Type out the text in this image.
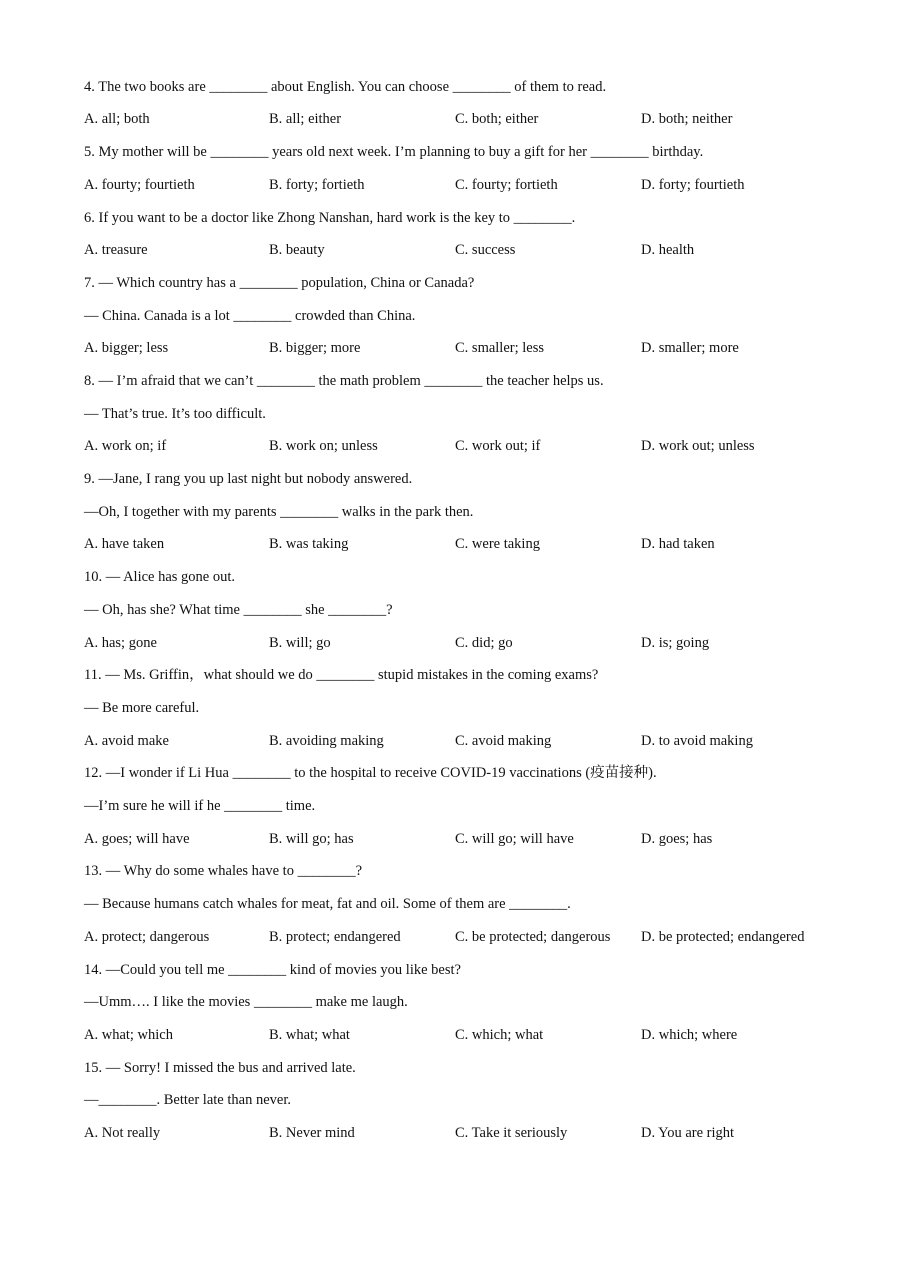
4. The two books are ________ about English. You can choose ________ of them to read.
A. all; both	B. all; either	C. both; either	D. both; neither
5. My mother will be ________ years old next week. I’m planning to buy a gift for her ________ birthday.
A. fourty; fourtieth	B. forty; fortieth	C. fourty; fortieth	D. forty; fourtieth
6. If you want to be a doctor like Zhong Nanshan, hard work is the key to ________.
A. treasure	B. beauty	C. success	D. health
7. — Which country has a ________ population, China or Canada?
— China. Canada is a lot ________ crowded than China.
A. bigger; less	B. bigger; more	C. smaller; less	D. smaller; more
8. — I’m afraid that we can’t ________ the math problem ________ the teacher helps us.
— That’s true. It’s too difficult.
A. work on; if	B. work on; unless	C. work out; if	D. work out; unless
9. —Jane, I rang you up last night but nobody answered.
—Oh, I together with my parents ________ walks in the park then.
A. have taken	B. was taking	C. were taking	D. had taken
10. — Alice has gone out.
— Oh, has she? What time ________ she ________?
A. has; gone	B. will; go	C. did; go	D. is; going
11. — Ms. Griffin，what should we do ________ stupid mistakes in the coming exams?
— Be more careful.
A. avoid make	B. avoiding making	C. avoid making	D. to avoid making
12. —I wonder if Li Hua ________ to the hospital to receive COVID-19 vaccinations (疫苗接种).
—I’m sure he will if he ________ time.
A. goes; will have	B. will go; has	C. will go; will have	D. goes; has
13. — Why do some whales have to ________?
— Because humans catch whales for meat, fat and oil. Some of them are ________.
A. protect; dangerous	B. protect; endangered	C. be protected; dangerous D. be protected; endangered
14. —Could you tell me ________ kind of movies you like best?
—Umm…. I like the movies ________ make me laugh.
A. what; which	B. what; what	C. which; what	D. which; where
15. — Sorry! I missed the bus and arrived late.
—________. Better late than never.
A. Not really	B. Never mind	C. Take it seriously	D. You are right
